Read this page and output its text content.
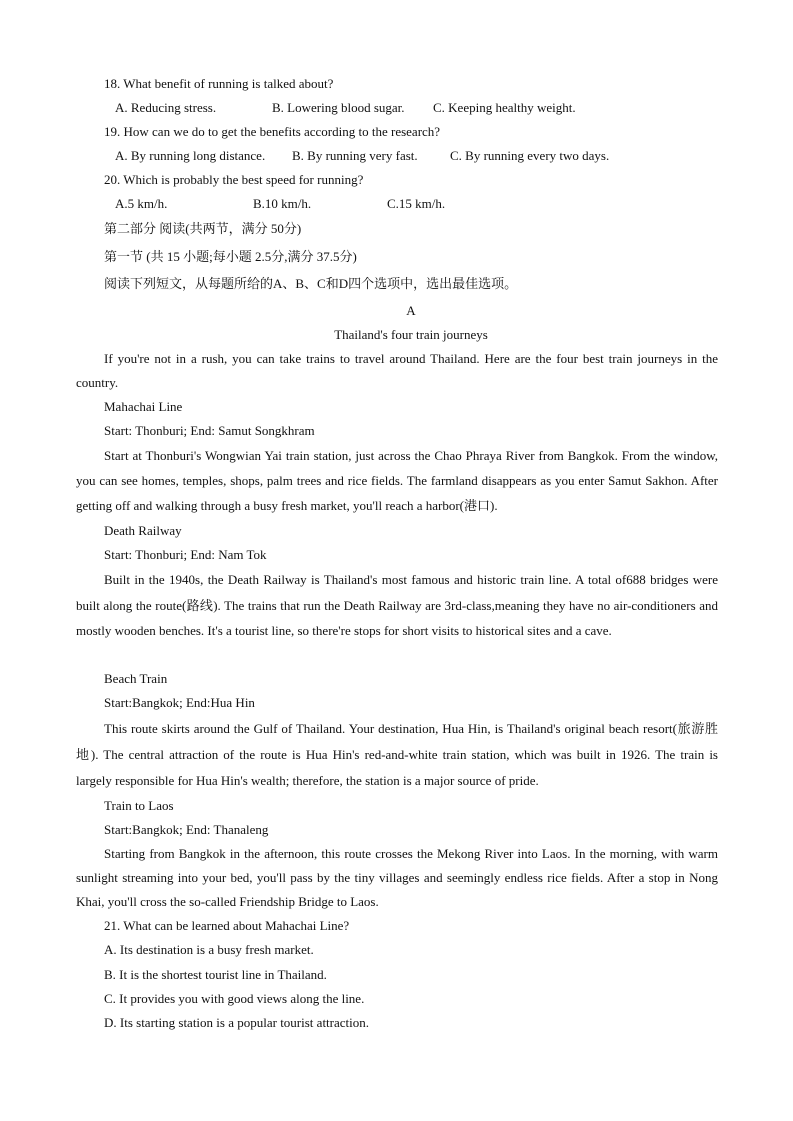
18. What benefit of running is talked about?
A. Reducing stress.	B. Lowering blood sugar. C. Keeping healthy weight.
19. How can we do to get the benefits according to the research?
A. By running long distance. B. By running very fast. C. By running every two days.
20. Which is probably the best speed for running?
A.5 km/h.	B.10 km/h.	C.15 km/h.
第二部分 阅读(共两节，满分 50分)
第一节 (共 15 小题;每小题 2.5分,满分 37.5分)
阅读下列短文，从每题所给的A、B、C和D四个选项中，选出最佳选项。
A
Thailand's four train journeys
If you're not in a rush, you can take trains to travel around Thailand. Here are the four best train journeys in the country.
Mahachai Line
Start: Thonburi; End: Samut Songkhram
Start at Thonburi's Wongwian Yai train station, just across the Chao Phraya River from Bangkok. From the window, you can see homes, temples, shops, palm trees and rice fields. The farmland disappears as you enter Samut Sakhon. After getting off and walking through a busy fresh market, you'll reach a harbor(港口).
Death Railway
Start: Thonburi; End: Nam Tok
Built in the 1940s, the Death Railway is Thailand's most famous and historic train line. A total of688 bridges were built along the route(路线). The trains that run the Death Railway are 3rd-class,meaning they have no air-conditioners and mostly wooden benches. It's a tourist line, so there're stops for short visits to historical sites and a cave.
Beach Train
Start:Bangkok; End:Hua Hin
This route skirts around the Gulf of Thailand. Your destination, Hua Hin, is Thailand's original beach resort(旅游胜地). The central attraction of the route is Hua Hin's red-and-white train station, which was built in 1926. The train is largely responsible for Hua Hin's wealth; therefore, the station is a major source of pride.
Train to Laos
Start:Bangkok; End: Thanaleng
Starting from Bangkok in the afternoon, this route crosses the Mekong River into Laos. In the morning, with warm sunlight streaming into your bed, you'll pass by the tiny villages and seemingly endless rice fields. After a stop in Nong Khai, you'll cross the so-called Friendship Bridge to Laos.
21. What can be learned about Mahachai Line?
A. Its destination is a busy fresh market.
B. It is the shortest tourist line in Thailand.
C. It provides you with good views along the line.
D. Its starting station is a popular tourist attraction.
